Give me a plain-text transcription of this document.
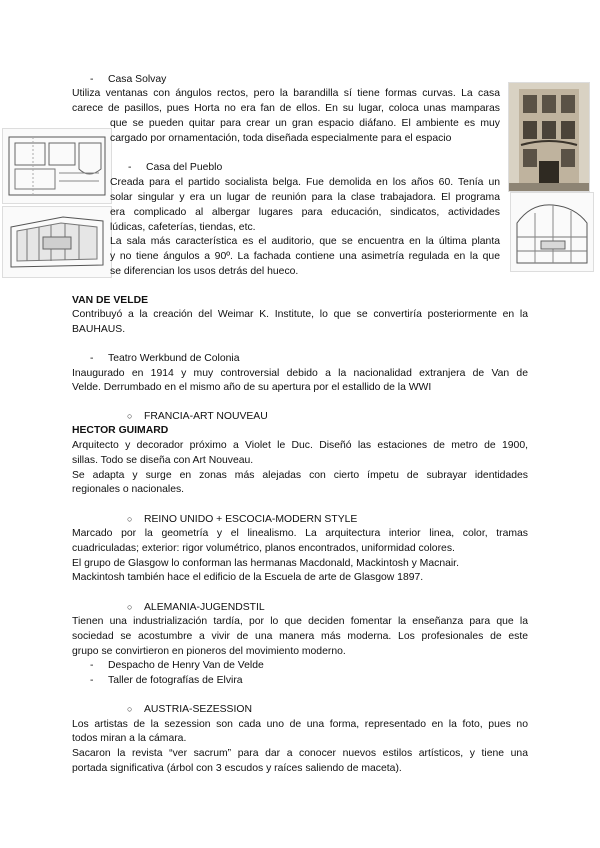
- Casa Solvay
Utiliza ventanas con ángulos rectos, pero la barandilla sí tiene formas curvas. La casa
carece de pasillos, pues Horta no era fan de ellos. En su lugar, coloca unas mamparas
que se pueden quitar para crear un gran espacio diáfano. El ambiente es muy
cargado por ornamentación, toda diseñada especialmente para el espacio
- Casa del Pueblo
Creada para el partido socialista belga. Fue demolida en los años 60. Tenía un
solar singular y era un lugar de reunión para la clase trabajadora. El programa
era complicado al albergar lugares para educación, sindicatos, actividades
lúdicas, cafeterías, tiendas, etc.
La sala más característica es el auditorio, que se encuentra en la última planta
y no tiene ángulos a 90º. La fachada contiene una asimetría regulada en la que
se diferencian los usos detrás del hueco.
VAN DE VELDE
Contribuyó a la creación del Weimar K. Institute, lo que se convertiría posteriormente en la
BAUHAUS.
- Teatro Werkbund de Colonia
Inaugurado en 1914 y muy controversial debido a la nacionalidad extranjera de Van de
Velde. Derrumbado en el mismo año de su apertura por el estallido de la WWI
○ FRANCIA-ART NOUVEAU
HECTOR GUIMARD
Arquitecto y decorador próximo a Violet le Duc. Diseñó las estaciones de metro de 1900,
sillas. Todo se diseña con Art Nouveau.
Se adapta y surge en zonas más alejadas con cierto ímpetu de subrayar identidades
regionales o nacionales.
○ REINO UNIDO + ESCOCIA-MODERN STYLE
Marcado por la geometría y el linealismo. La arquitectura interior linea, color, tramas
cuadriculadas; exterior: rigor volumétrico, planos encontrados, uniformidad colores.
El grupo de Glasgow lo conforman las hermanas Macdonald, Mackintosh y Macnair.
Mackintosh también hace el edificio de la Escuela de arte de Glasgow 1897.
○ ALEMANIA-JUGENDSTIL
Tienen una industrialización tardía, por lo que deciden fomentar la enseñanza para que la
sociedad se acostumbre a vivir de una manera más moderna. Los profesionales de este
grupo se convirtieron en pioneros del movimiento moderno.
- Despacho de Henry Van de Velde
- Taller de fotografías de Elvira
○ AUSTRIA-SEZESSION
Los artistas de la sezession son cada uno de una forma, representado en la foto, pues no
todos miran a la cámara.
Sacaron la revista “ver sacrum” para dar a conocer nuevos estilos artísticos, y tiene una
portada significativa (árbol con 3 escudos y raíces saliendo de maceta).
